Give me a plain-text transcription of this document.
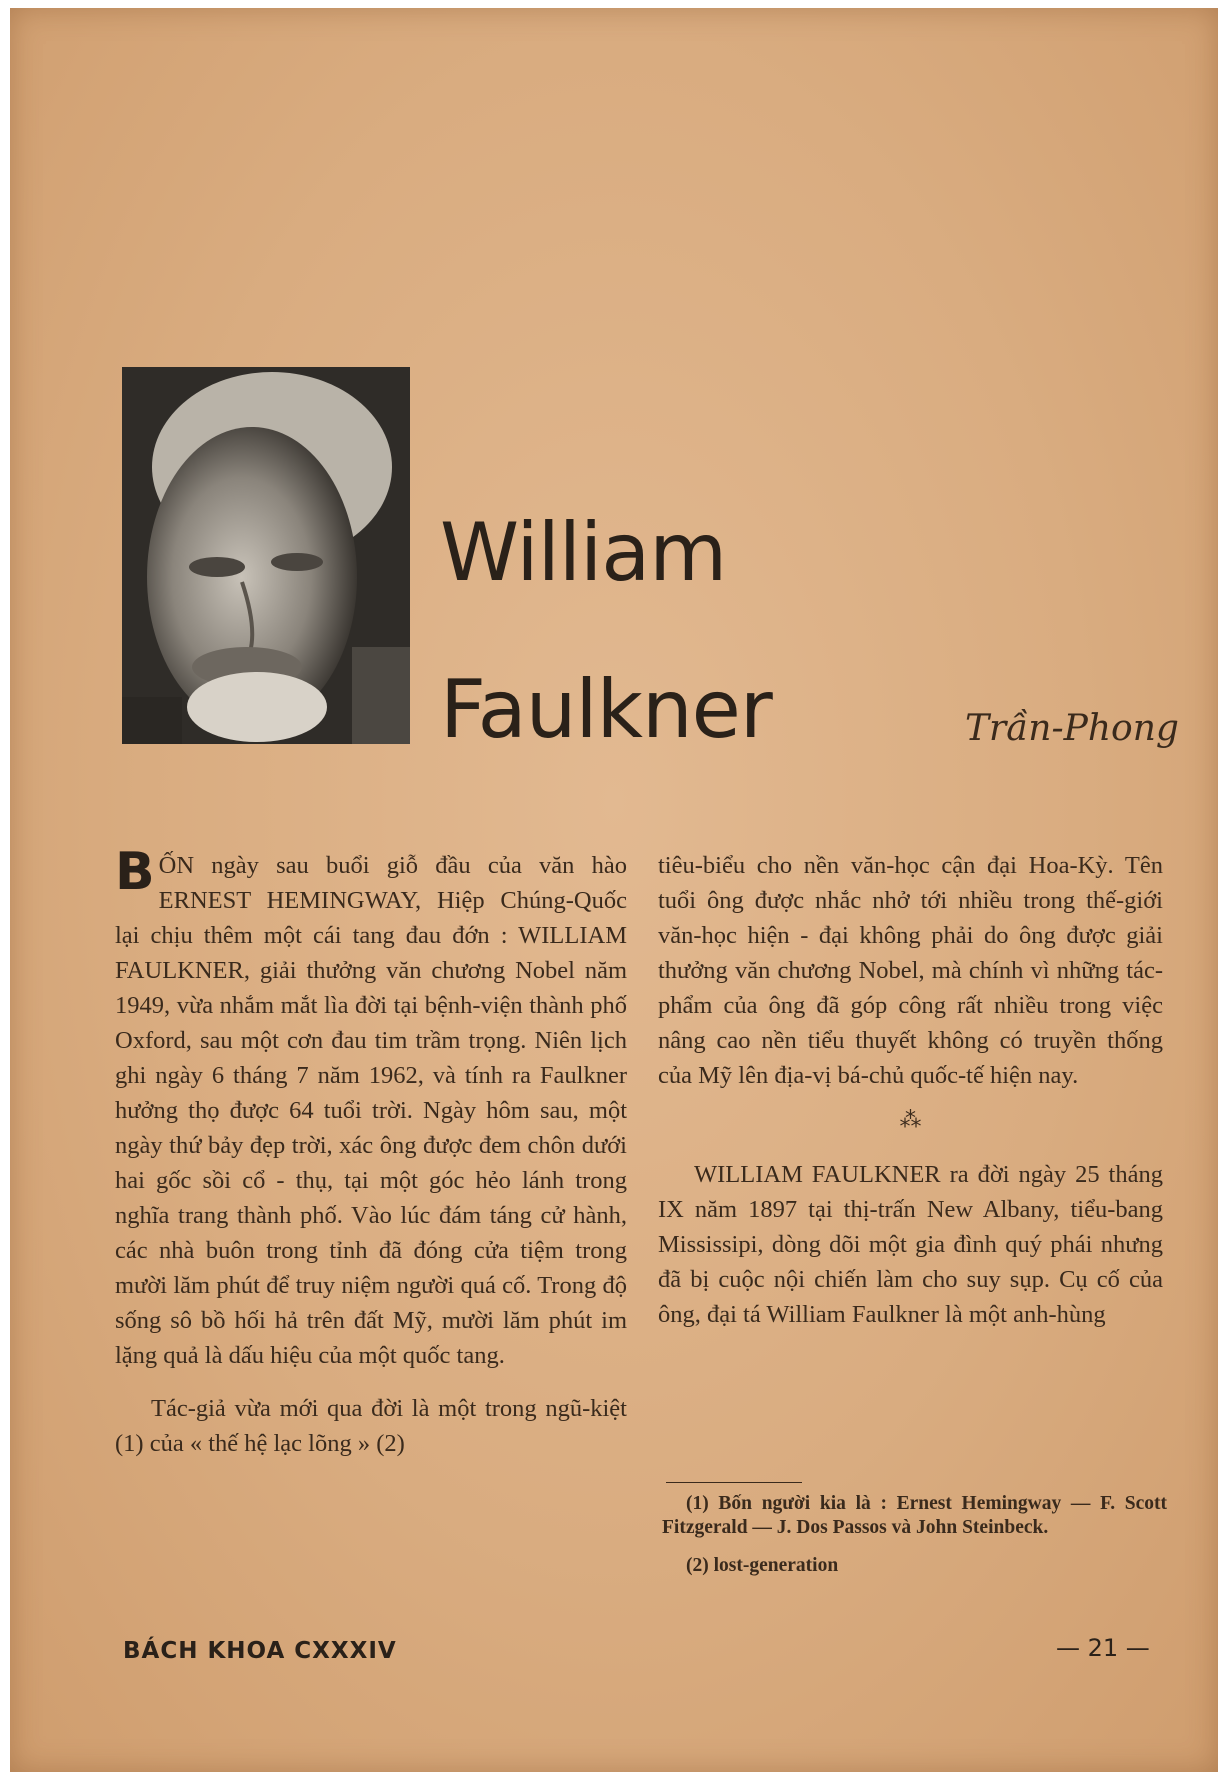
William
Faulkner	Trần-Phong

BỐN ngày sau buổi giỗ đầu của văn hào ERNEST HEMINGWAY, Hiệp Chúng-Quốc lại chịu thêm một cái tang đau đớn : WILLIAM FAULKNER, giải thưởng văn chương Nobel năm 1949, vừa nhắm mắt lìa đời tại bệnh-viện thành phố Oxford, sau một cơn đau tim trầm trọng. Niên lịch ghi ngày 6 tháng 7 năm 1962, và tính ra Faulkner hưởng thọ được 64 tuổi trời. Ngày hôm sau, một ngày thứ bảy đẹp trời, xác ông được đem chôn dưới hai gốc sồi cổ - thụ, tại một góc hẻo lánh trong nghĩa trang thành phố. Vào lúc đám táng cử hành, các nhà buôn trong tỉnh đã đóng cửa tiệm trong mười lăm phút để truy niệm người quá cố. Trong độ sống sô bồ hối hả trên đất Mỹ, mười lăm phút im lặng quả là dấu hiệu của một quốc tang.

Tác-giả vừa mới qua đời là một trong ngũ-kiệt (1) của « thế hệ lạc lõng » (2)

tiêu-biểu cho nền văn-học cận đại Hoa-Kỳ. Tên tuổi ông được nhắc nhở tới nhiều trong thế-giới văn-học hiện - đại không phải do ông được giải thưởng văn chương Nobel, mà chính vì những tác-phẩm của ông đã góp công rất nhiều trong việc nâng cao nền tiểu thuyết không có truyền thống của Mỹ lên địa-vị bá-chủ quốc-tế hiện nay.

⁂

WILLIAM FAULKNER ra đời ngày 25 tháng IX năm 1897 tại thị-trấn New Albany, tiểu-bang Mississipi, dòng dõi một gia đình quý phái nhưng đã bị cuộc nội chiến làm cho suy sụp. Cụ cố của ông, đại tá William Faulkner là một anh-hùng

(1) Bốn người kia là : Ernest Hemingway — F. Scott Fitzgerald — J. Dos Passos và John Steinbeck.

(2) lost-generation

BÁCH KHOA CXXXIV	— 21 —
